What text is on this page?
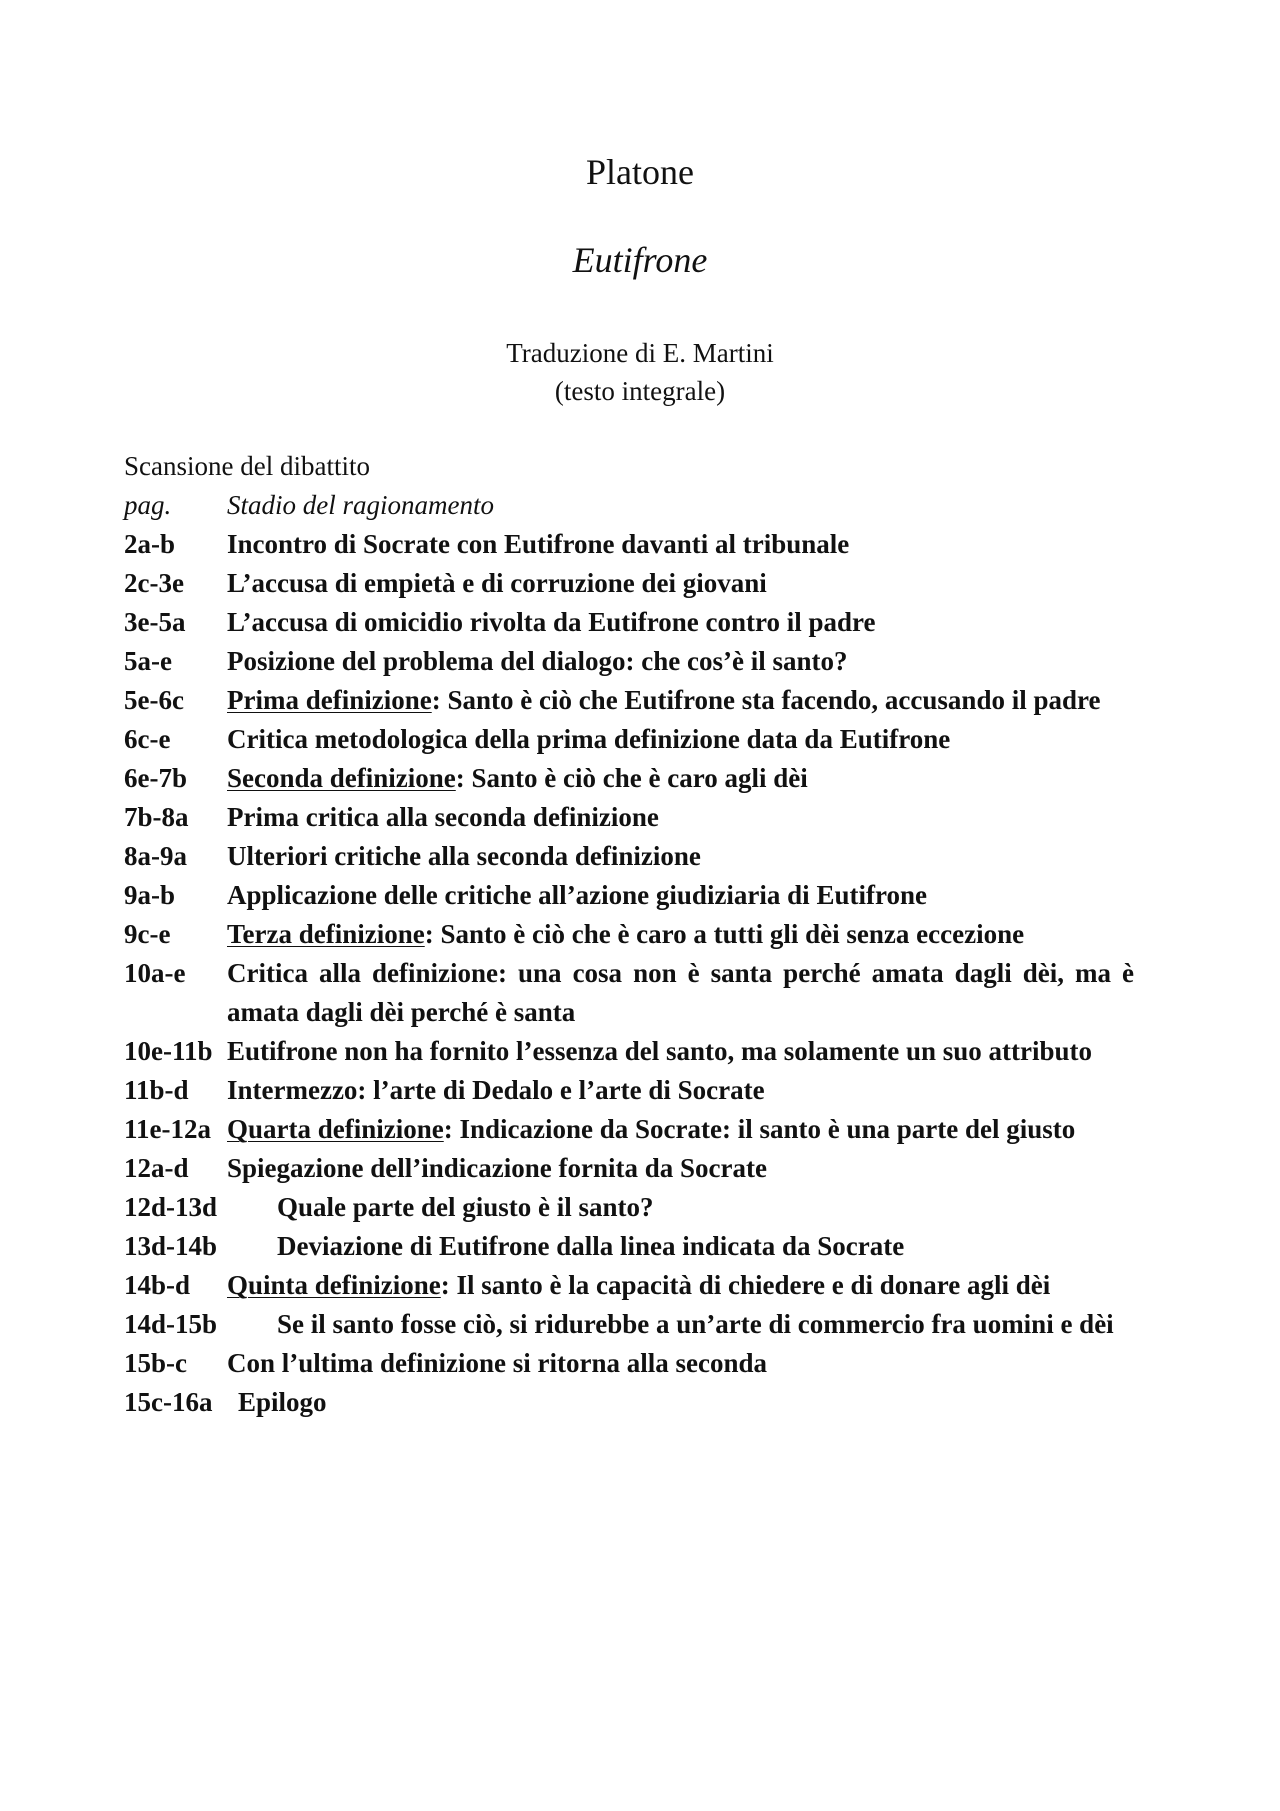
Platone
Eutifrone
Traduzione di E. Martini
(testo integrale)
Scansione del dibattito
pag.	Stadio del ragionamento
2a-b	Incontro di Socrate con Eutifrone davanti al tribunale
2c-3e	L’accusa di empietà e di corruzione dei giovani
3e-5a	L’accusa di omicidio rivolta da Eutifrone contro il padre
5a-e	Posizione del problema del dialogo: che cos’è il santo?
5e-6c	Prima definizione: Santo è ciò che Eutifrone sta facendo, accusando il padre
6c-e	Critica metodologica della prima definizione data da Eutifrone
6e-7b	Seconda definizione: Santo è ciò che è caro agli dèi
7b-8a	Prima critica alla seconda definizione
8a-9a	Ulteriori critiche alla seconda definizione
9a-b	Applicazione delle critiche all’azione giudiziaria di Eutifrone
9c-e	Terza definizione: Santo è ciò che è caro a tutti gli dèi senza eccezione
10a-e	Critica alla definizione: una cosa non è santa perché amata dagli dèi, ma è amata dagli dèi perché è santa
10e-11b Eutifrone non ha fornito l’essenza del santo, ma solamente un suo attributo
11b-d	Intermezzo: l’arte di Dedalo e l’arte di Socrate
11e-12a Quarta definizione: Indicazione da Socrate: il santo è una parte del giusto
12a-d	Spiegazione dell’indicazione fornita da Socrate
12d-13d	Quale parte del giusto è il santo?
13d-14b	Deviazione di Eutifrone dalla linea indicata da Socrate
14b-d	Quinta definizione: Il santo è la capacità di chiedere e di donare agli dèi
14d-15b	Se il santo fosse ciò, si ridurebbe a un’arte di commercio fra uomini e dèi
15b-c	Con l’ultima definizione si ritorna alla seconda
15c-16a Epilogo
